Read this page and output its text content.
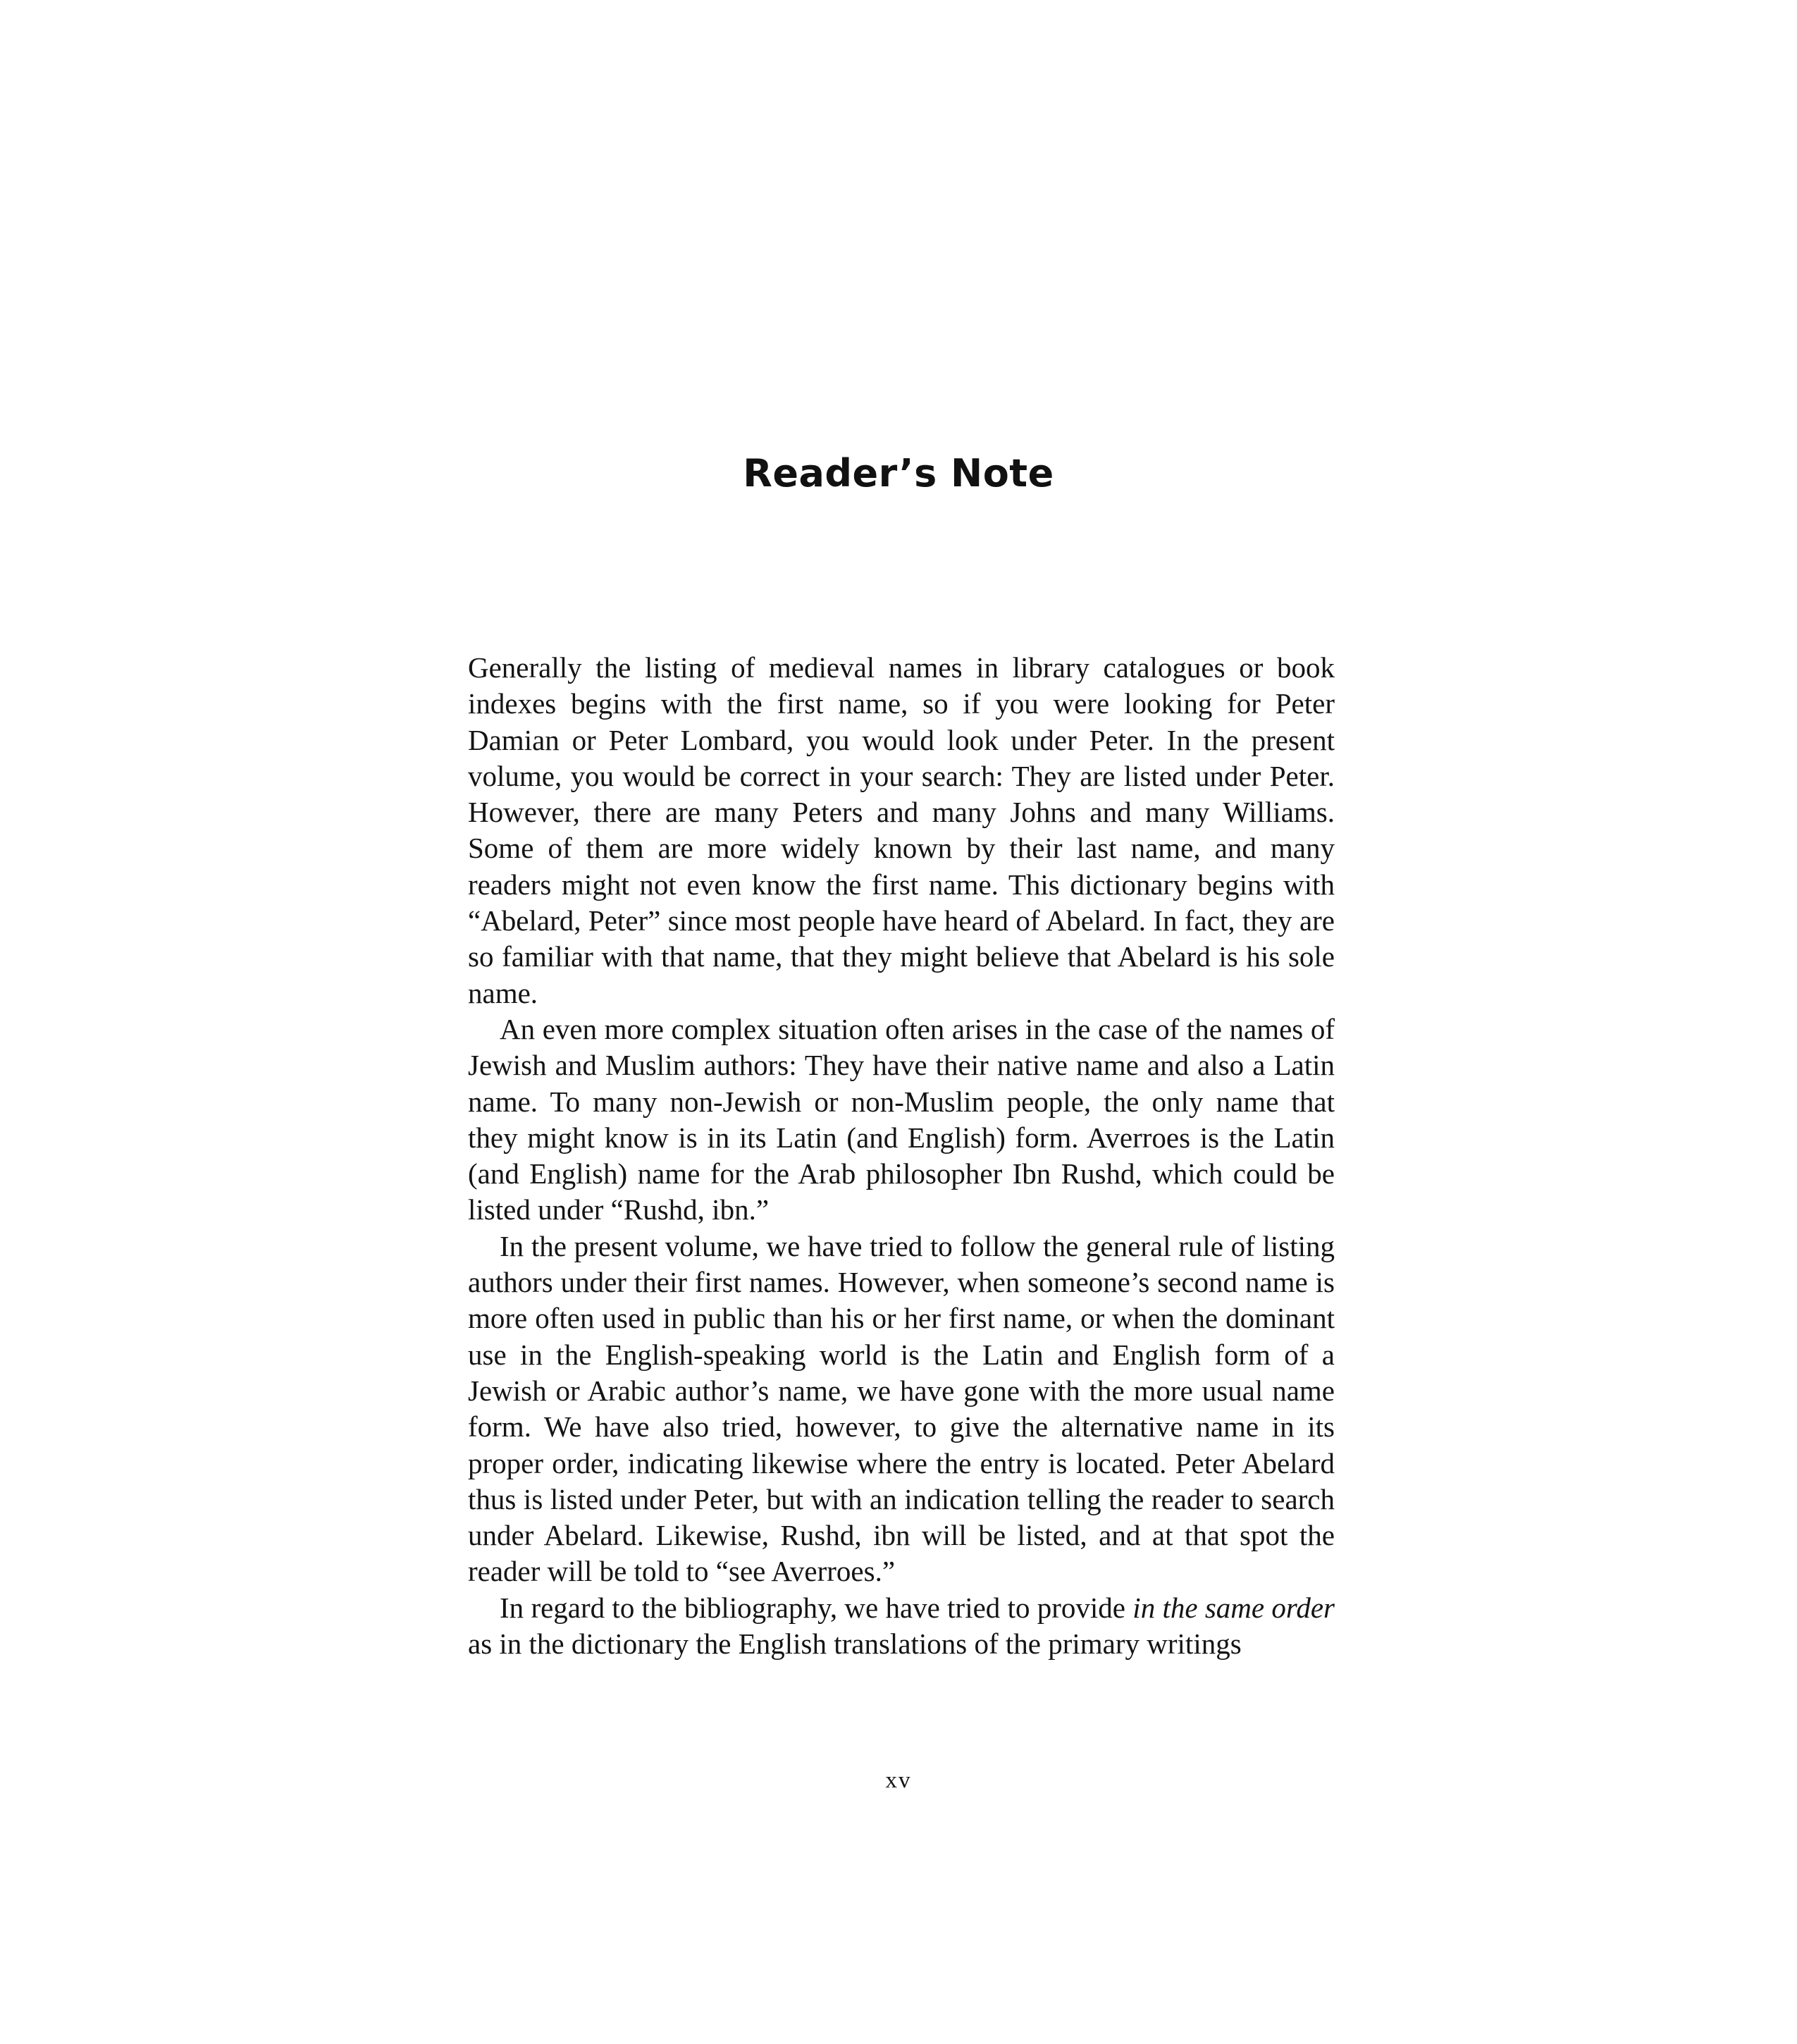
Reader’s Note

Generally the listing of medieval names in library catalogues or book indexes begins with the first name, so if you were looking for Peter Damian or Peter Lombard, you would look under Peter. In the present volume, you would be correct in your search: They are listed under Peter. However, there are many Peters and many Johns and many Williams. Some of them are more widely known by their last name, and many readers might not even know the first name. This dictionary begins with “Abelard, Peter” since most people have heard of Abelard. In fact, they are so familiar with that name, that they might believe that Abelard is his sole name.

An even more complex situation often arises in the case of the names of Jewish and Muslim authors: They have their native name and also a Latin name. To many non-Jewish or non-Muslim people, the only name that they might know is in its Latin (and English) form. Averroes is the Latin (and English) name for the Arab philosopher Ibn Rushd, which could be listed under “Rushd, ibn.”

In the present volume, we have tried to follow the general rule of listing authors under their first names. However, when someone’s second name is more often used in public than his or her first name, or when the dominant use in the English-speaking world is the Latin and English form of a Jewish or Arabic author’s name, we have gone with the more usual name form. We have also tried, however, to give the alternative name in its proper order, indicating likewise where the entry is located. Peter Abelard thus is listed under Peter, but with an indication telling the reader to search under Abelard. Likewise, Rushd, ibn will be listed, and at that spot the reader will be told to “see Averroes.”

In regard to the bibliography, we have tried to provide in the same order as in the dictionary the English translations of the primary writings

xv
